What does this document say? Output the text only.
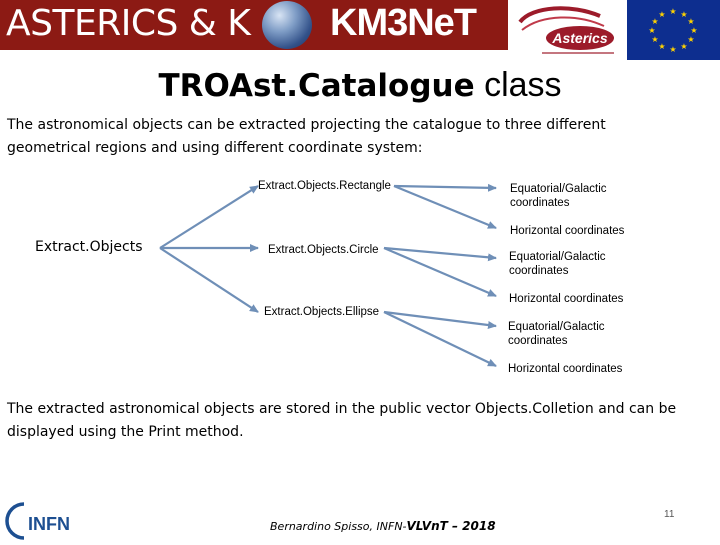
ASTERICS & K KM3NeT	Asterics
★ ★
★
★
★
★
★
★
★
★
★
★
TROAst.Catalogue class
The astronomical objects can be extracted projecting the catalogue to three different
geometrical regions and using different coordinate system:
Extract.Objects
Extract.Objects.Rectangle
Extract.Objects.Circle
Extract.Objects.Ellipse
Equatorial/Galactic coordinates
Horizontal coordinates
Equatorial/Galactic coordinates
Horizontal coordinates
Equatorial/Galactic coordinates
Horizontal coordinates
The extracted astronomical objects are stored in the public vector Objects.Colletion and can be
displayed using the Print method.
INFN	Bernardino Spisso, INFN-VLVnT – 2018
11
